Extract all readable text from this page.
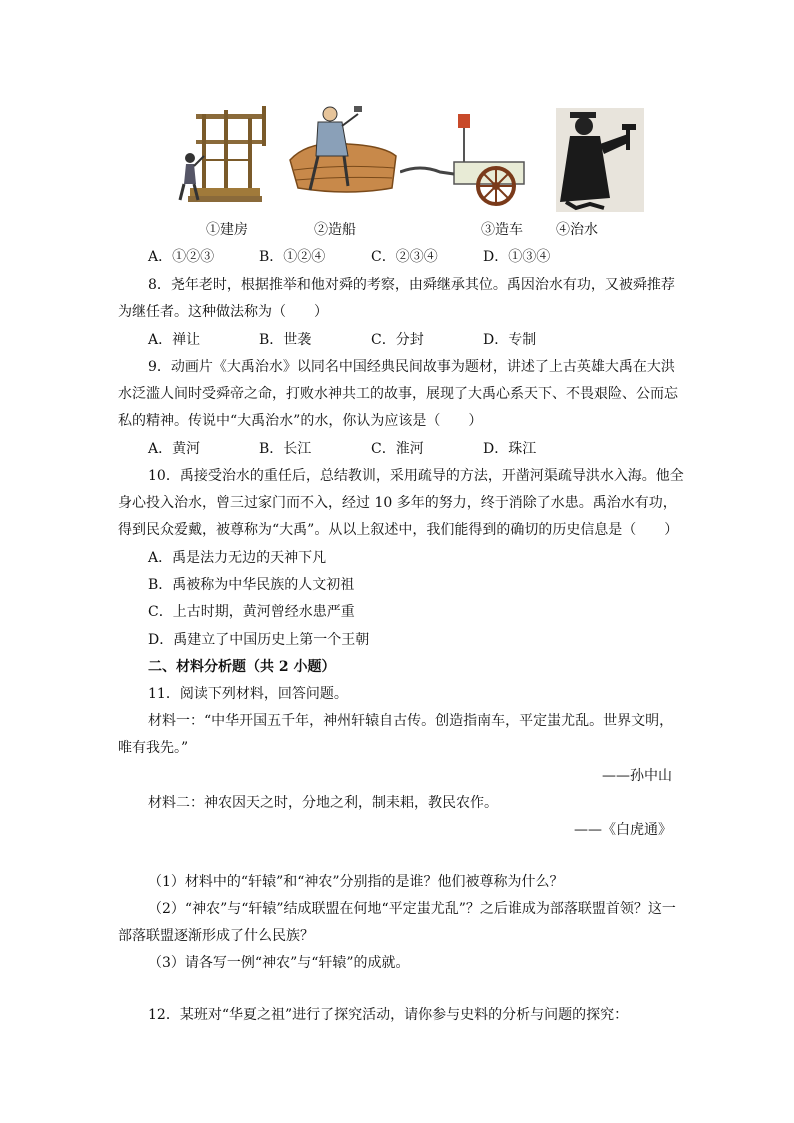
①建房	②造船	③造车 ④治水
A．①②③	B．①②④	C．②③④	D．①③④
8．尧年老时，根据推举和他对舜的考察，由舜继承其位。禹因治水有功，又被舜推荐
为继任者。这种做法称为（　　）
A．禅让	B．世袭	C．分封	D．专制
9．动画片《大禹治水》以同名中国经典民间故事为题材，讲述了上古英雄大禹在大洪
水泛滥人间时受舜帝之命，打败水神共工的故事，展现了大禹心系天下、不畏艰险、公而忘
私的精神。传说中“大禹治水”的水，你认为应该是（　　）
A．黄河	B．长江	C．淮河	D．珠江
10．禹接受治水的重任后，总结教训，采用疏导的方法，开凿河渠疏导洪水入海。他全
身心投入治水，曾三过家门而不入，经过 10 多年的努力，终于消除了水患。禹治水有功，
得到民众爱戴，被尊称为“大禹”。从以上叙述中，我们能得到的确切的历史信息是（　　）
A．禹是法力无边的天神下凡
B．禹被称为中华民族的人文初祖
C．上古时期，黄河曾经水患严重
D．禹建立了中国历史上第一个王朝
二、材料分析题（共 2 小题）
11．阅读下列材料，回答问题。
材料一：“中华开国五千年，神州轩辕自古传。创造指南车，平定蚩尤乱。世界文明，
唯有我先。”
——孙中山
材料二：神农因天之时，分地之利，制耒耜，教民农作。
——《白虎通》
（1）材料中的“轩辕”和“神农”分别指的是谁？他们被尊称为什么？
（2）“神农”与“轩辕”结成联盟在何地“平定蚩尤乱”？之后谁成为部落联盟首领？这一
部落联盟逐渐形成了什么民族？
（3）请各写一例“神农”与“轩辕”的成就。
12．某班对“华夏之祖”进行了探究活动，请你参与史料的分析与问题的探究：
